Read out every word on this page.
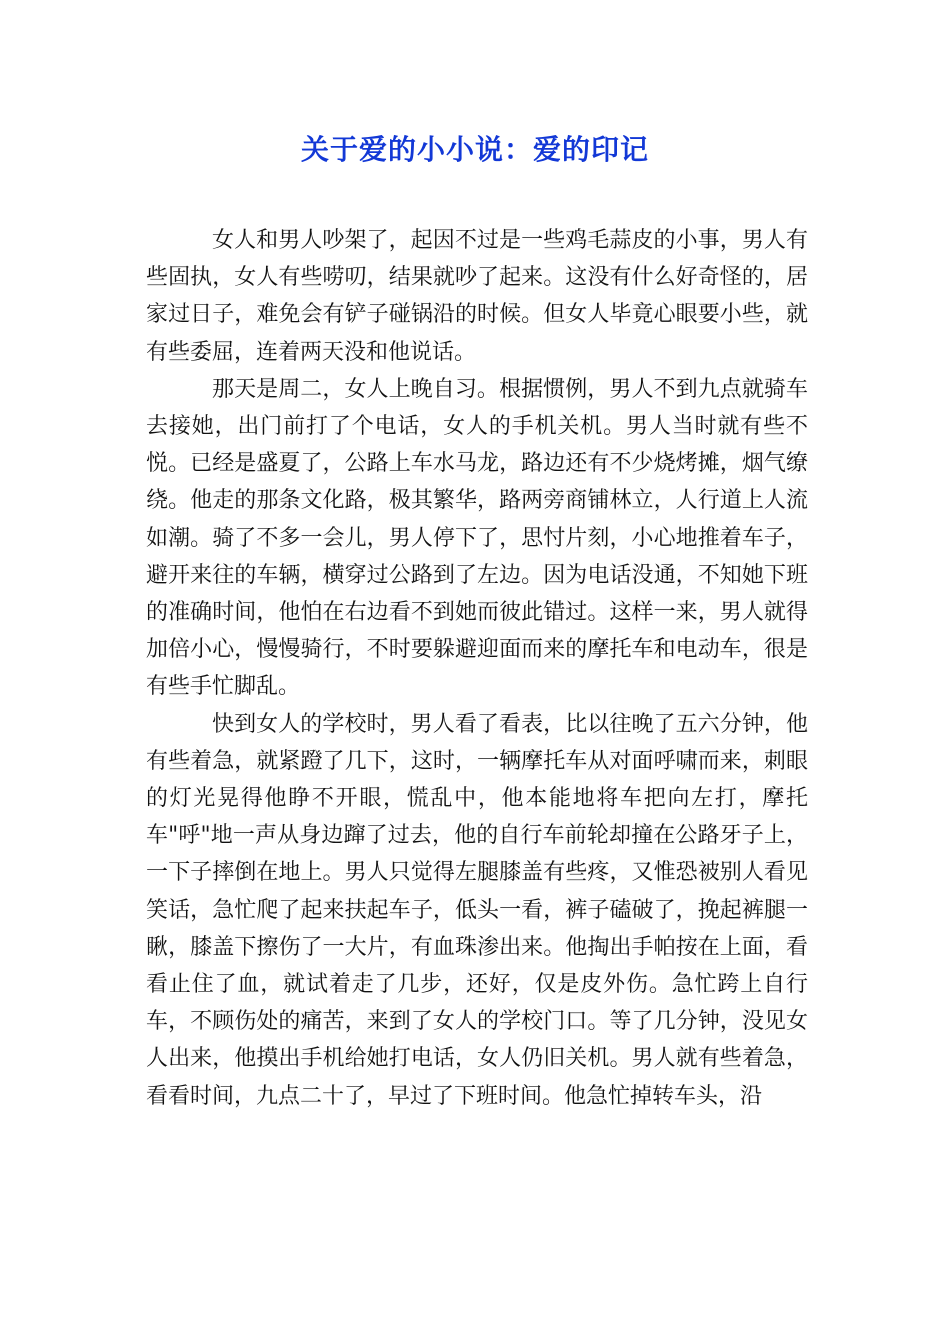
关于爱的小小说：爱的印记

女人和男人吵架了，起因不过是一些鸡毛蒜皮的小事，男人有些固执，女人有些唠叨，结果就吵了起来。这没有什么好奇怪的，居家过日子，难免会有铲子碰锅沿的时候。但女人毕竟心眼要小些，就有些委屈，连着两天没和他说话。

那天是周二，女人上晚自习。根据惯例，男人不到九点就骑车去接她，出门前打了个电话，女人的手机关机。男人当时就有些不悦。已经是盛夏了，公路上车水马龙，路边还有不少烧烤摊，烟气缭绕。他走的那条文化路，极其繁华，路两旁商铺林立，人行道上人流如潮。骑了不多一会儿，男人停下了，思忖片刻，小心地推着车子，避开来往的车辆，横穿过公路到了左边。因为电话没通，不知她下班的准确时间，他怕在右边看不到她而彼此错过。这样一来，男人就得加倍小心，慢慢骑行，不时要躲避迎面而来的摩托车和电动车，很是有些手忙脚乱。

快到女人的学校时，男人看了看表，比以往晚了五六分钟，他有些着急，就紧蹬了几下，这时，一辆摩托车从对面呼啸而来，刺眼的灯光晃得他睁不开眼，慌乱中，他本能地将车把向左打，摩托车"呼"地一声从身边蹿了过去，他的自行车前轮却撞在公路牙子上，一下子摔倒在地上。男人只觉得左腿膝盖有些疼，又惟恐被别人看见笑话，急忙爬了起来扶起车子，低头一看，裤子磕破了，挽起裤腿一瞅，膝盖下擦伤了一大片，有血珠渗出来。他掏出手帕按在上面，看看止住了血，就试着走了几步，还好，仅是皮外伤。急忙跨上自行车，不顾伤处的痛苦，来到了女人的学校门口。等了几分钟，没见女人出来，他摸出手机给她打电话，女人仍旧关机。男人就有些着急，看看时间，九点二十了，早过了下班时间。他急忙掉转车头，沿
